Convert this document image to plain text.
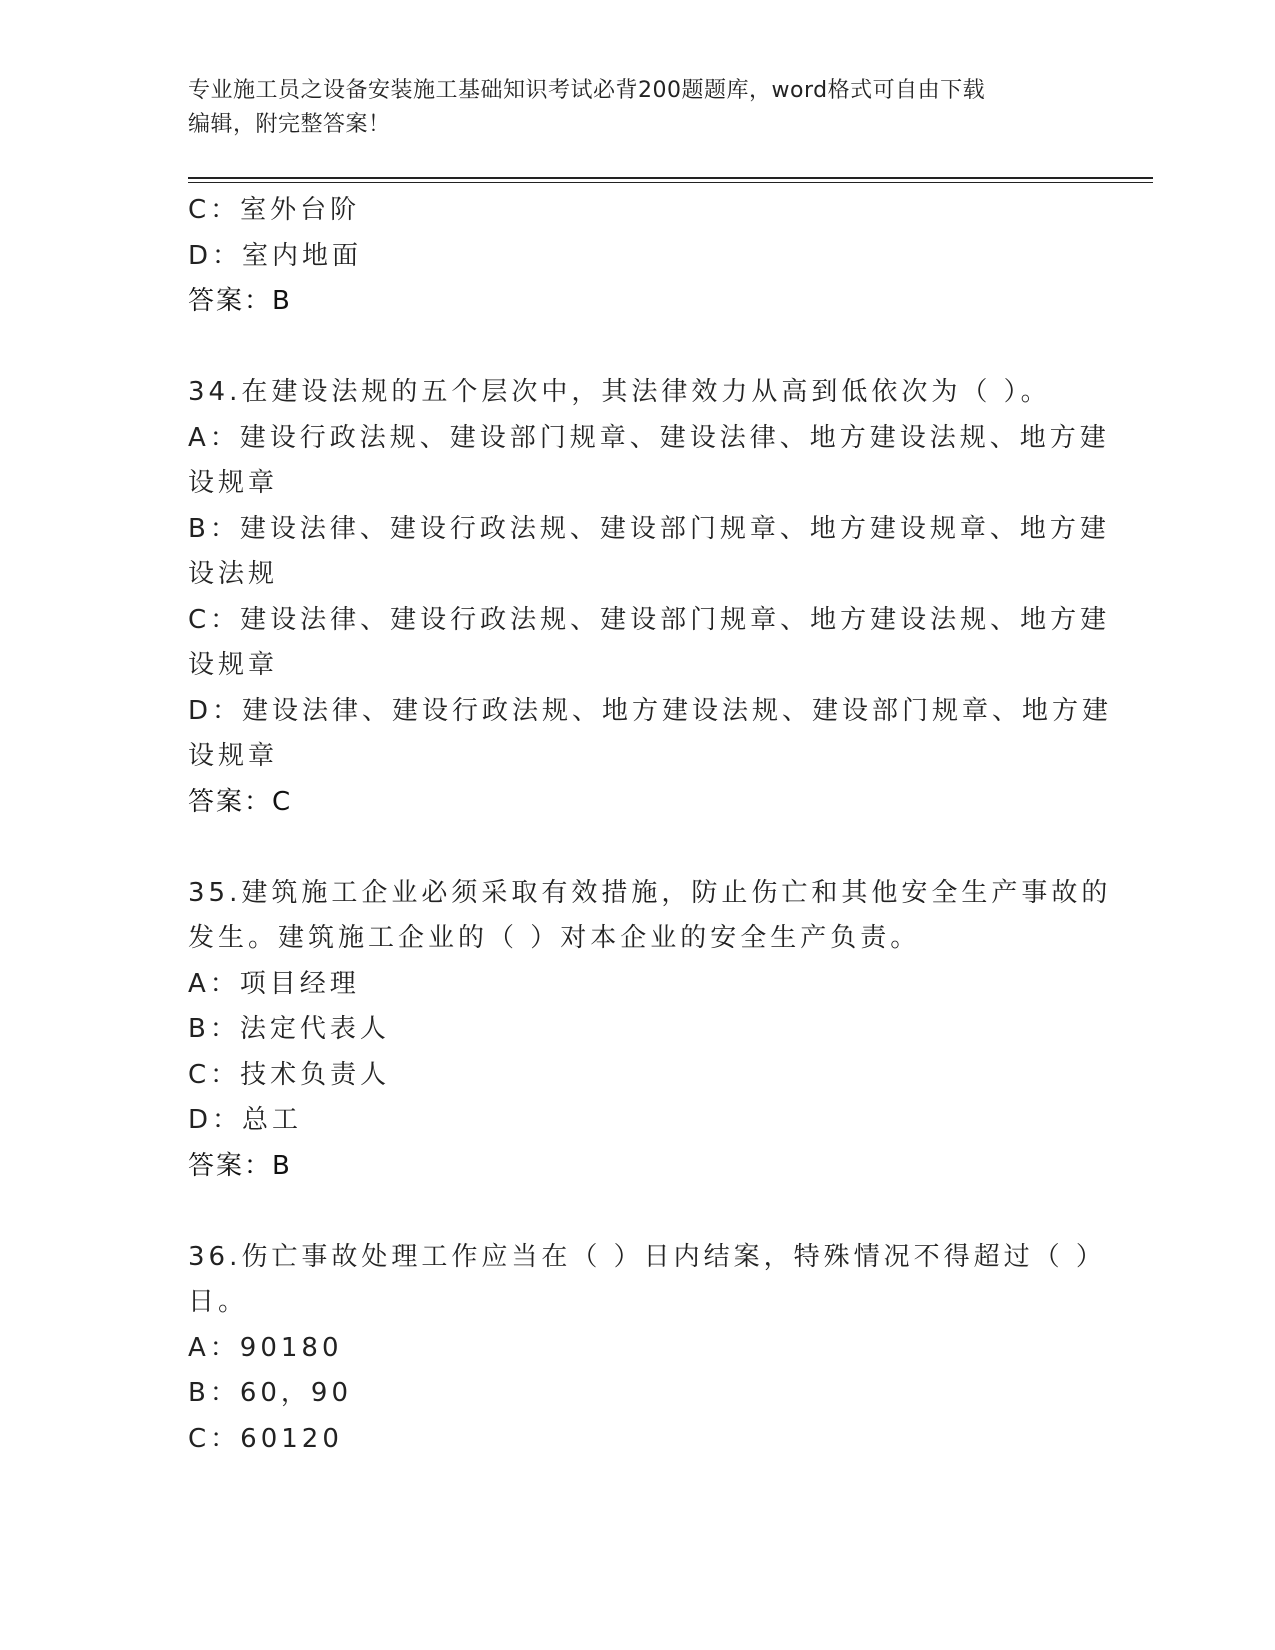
专业施工员之设备安装施工基础知识考试必背200题题库，word格式可自由下载
编辑，附完整答案！
C：室外台阶
D：室内地面
答案：B
34.在建设法规的五个层次中，其法律效力从高到低依次为（ ）。
A：建设行政法规、建设部门规章、建设法律、地方建设法规、地方建
设规章
B：建设法律、建设行政法规、建设部门规章、地方建设规章、地方建
设法规
C：建设法律、建设行政法规、建设部门规章、地方建设法规、地方建
设规章
D：建设法律、建设行政法规、地方建设法规、建设部门规章、地方建
设规章
答案：C
35.建筑施工企业必须采取有效措施，防止伤亡和其他安全生产事故的
发生。建筑施工企业的（ ）对本企业的安全生产负责。
A：项目经理
B：法定代表人
C：技术负责人
D：总工
答案：B
36.伤亡事故处理工作应当在（ ）日内结案，特殊情况不得超过（ ）
日。
A：90180
B：60，90
C：60120
